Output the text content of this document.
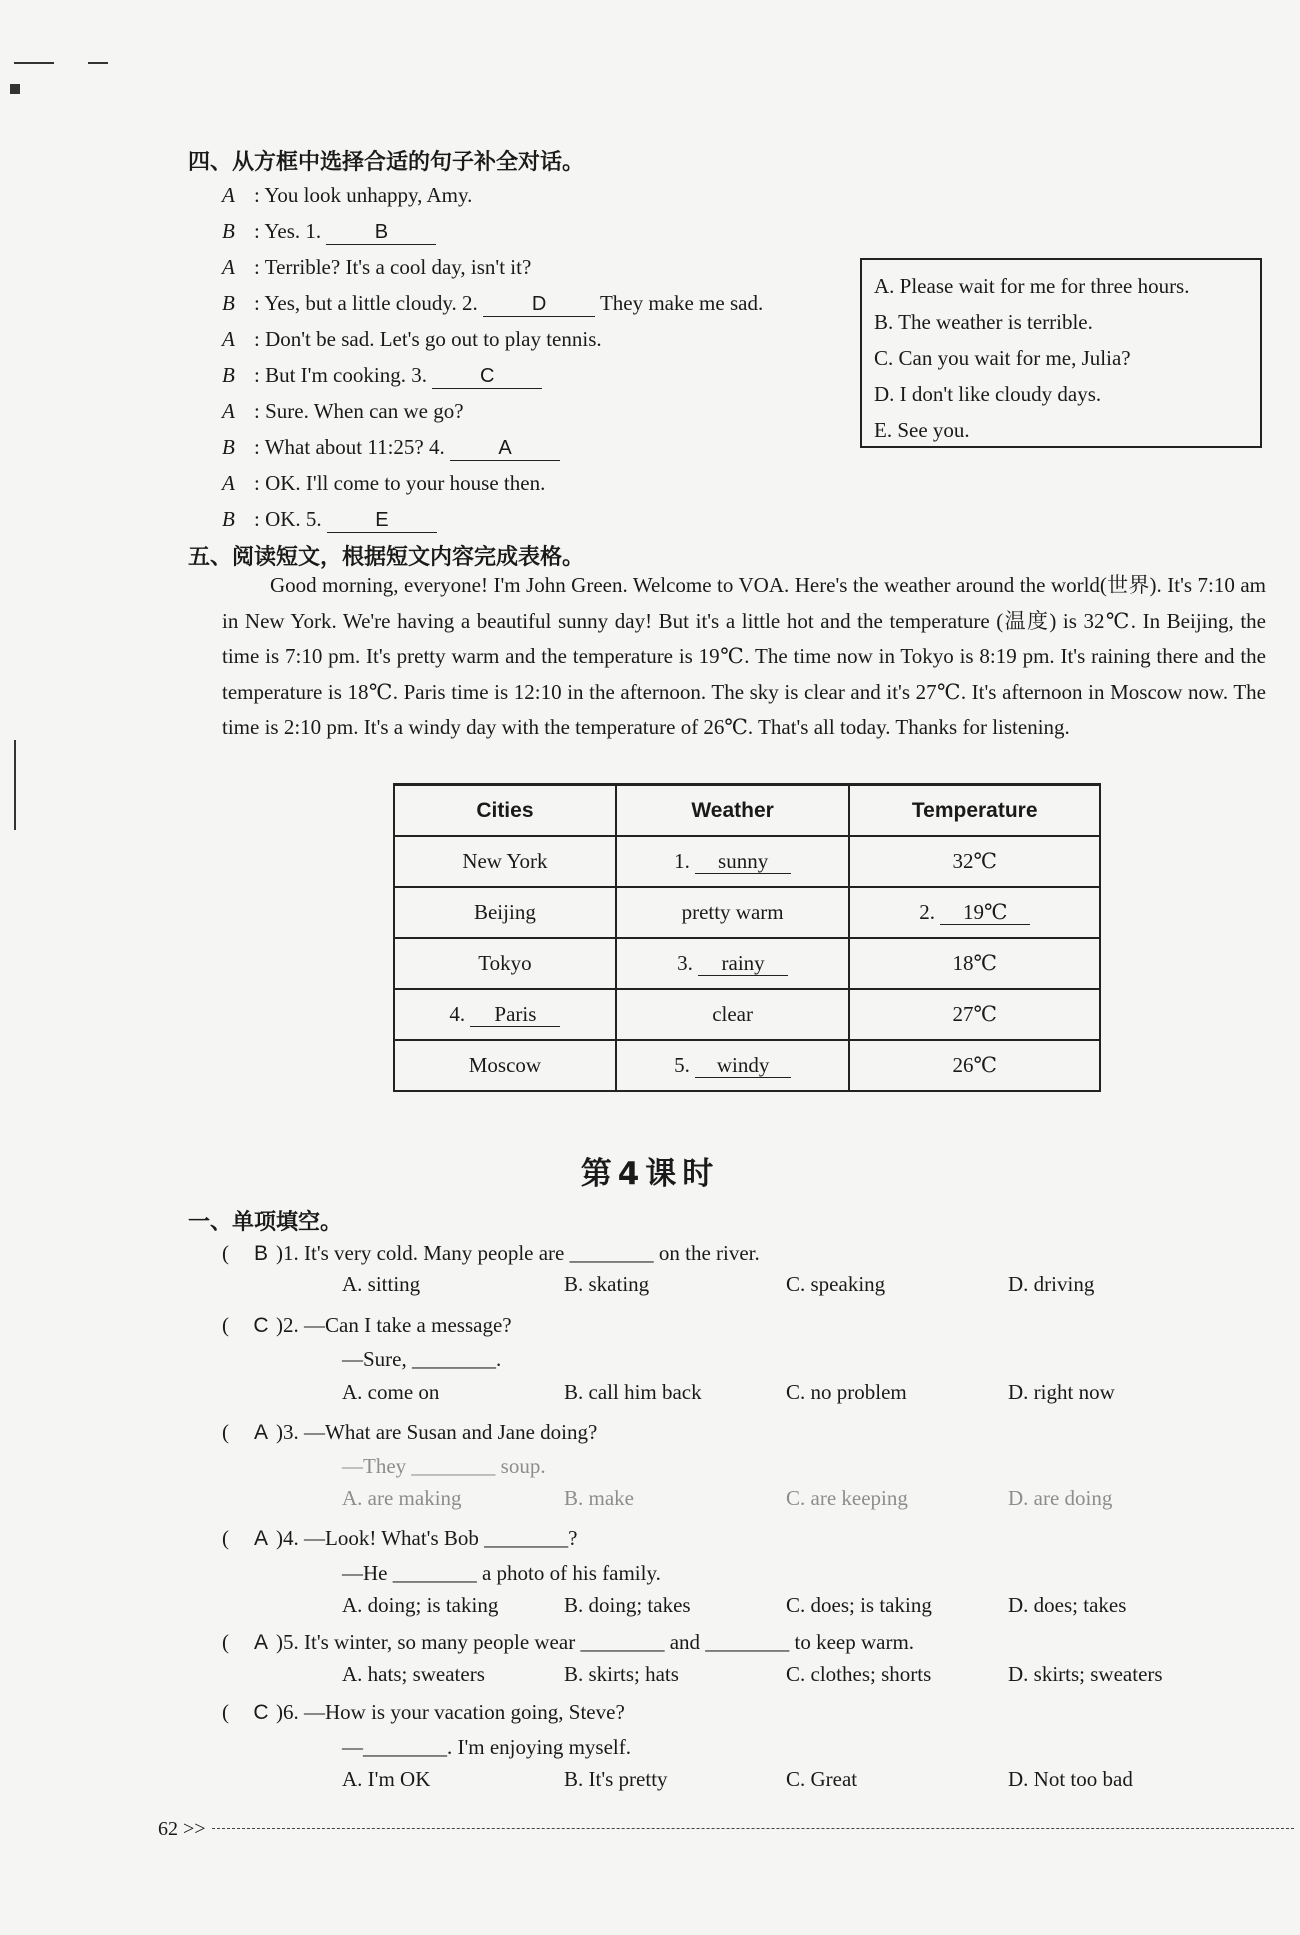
四、从方框中选择合适的句子补全对话。
A : You look unhappy, Amy.
B : Yes. 1.	B
A : Terrible? It's a cool day, isn't it?
B : Yes, but a little cloudy. 2.	D	They make me sad.
A : Don't be sad. Let's go out to play tennis.
B : But I'm cooking. 3.	C
A : Sure. When can we go?
B : What about 11:25? 4.	A
A : OK. I'll come to your house then.
B : OK. 5.	E
A. Please wait for me for three hours.
B. The weather is terrible.
C. Can you wait for me, Julia?
D. I don't like cloudy days.
E. See you.
五、阅读短文，根据短文内容完成表格。
Good morning, everyone! I'm John Green. Welcome to VOA. Here's the weather around the world(世界). It's 7:10 am in New York. We're having a beautiful sunny day! But it's a little hot and the temperature (温度) is 32℃. In Beijing, the time is 7:10 pm. It's pretty warm and the temperature is 19℃. The time now in Tokyo is 8:19 pm. It's raining there and the temperature is 18℃. Paris time is 12:10 in the afternoon. The sky is clear and it's 27℃. It's afternoon in Moscow now. The time is 2:10 pm. It's a windy day with the temperature of 26℃. That's all today. Thanks for listening.
Cities	Weather	Temperature
New York	1. sunny	32℃
Beijing	pretty warm	2. 19℃
Tokyo	3. rainy	18℃
4. Paris	clear	27℃
Moscow	5. windy	26℃
第4课时
一、单项填空。
( B )1. It's very cold. Many people are ________ on the river.
A. sitting	B. skating	C. speaking	D. driving
( C )2. —Can I take a message?
—Sure, ________.
A. come on	B. call him back	C. no problem	D. right now
( A )3. —What are Susan and Jane doing?
—They ________ soup.
A. are making	B. make	C. are keeping	D. are doing
( A )4. —Look! What's Bob ________?
—He ________ a photo of his family.
A. doing; is taking	B. doing; takes	C. does; is taking	D. does; takes
( A )5. It's winter, so many people wear ________ and ________ to keep warm.
A. hats; sweaters	B. skirts; hats	C. clothes; shorts	D. skirts; sweaters
( C )6. —How is your vacation going, Steve?
—________. I'm enjoying myself.
A. I'm OK	B. It's pretty	C. Great	D. Not too bad
62 >>
